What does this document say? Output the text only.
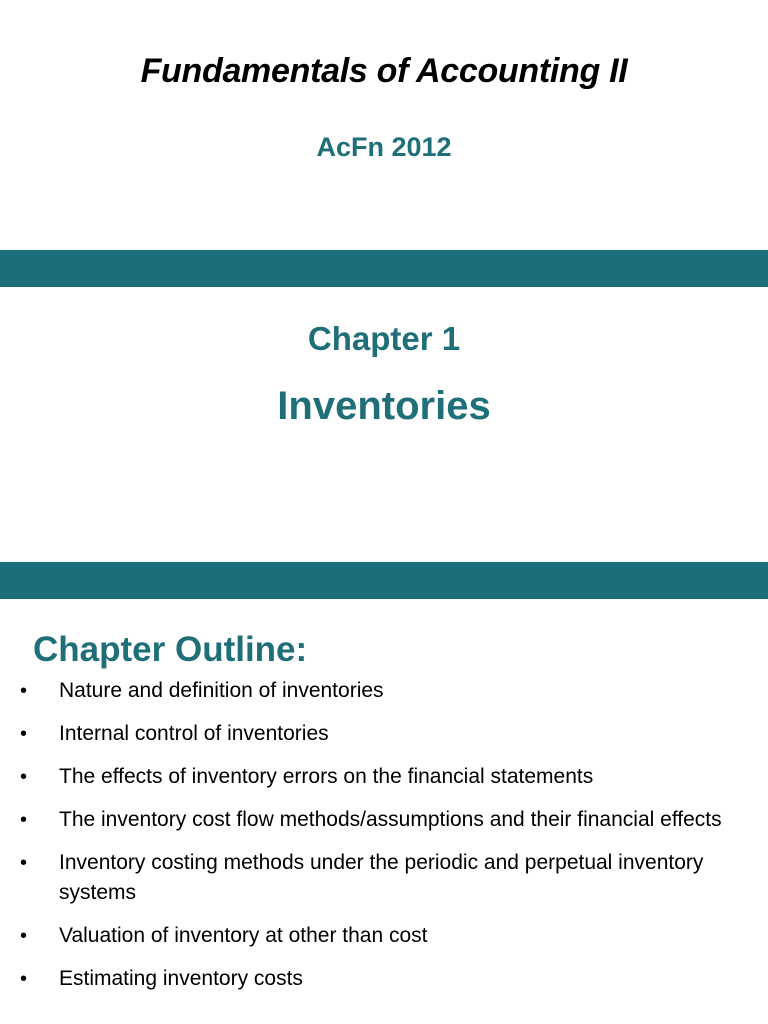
Fundamentals of Accounting II
AcFn 2012
Chapter 1
Inventories
Chapter Outline:
• Nature and definition of inventories
• Internal control of inventories
• The effects of inventory errors on the financial statements
• The inventory cost flow methods/assumptions and their financial effects
• Inventory costing methods under the periodic and perpetual inventory systems
• Valuation of inventory at other than cost
• Estimating inventory costs
